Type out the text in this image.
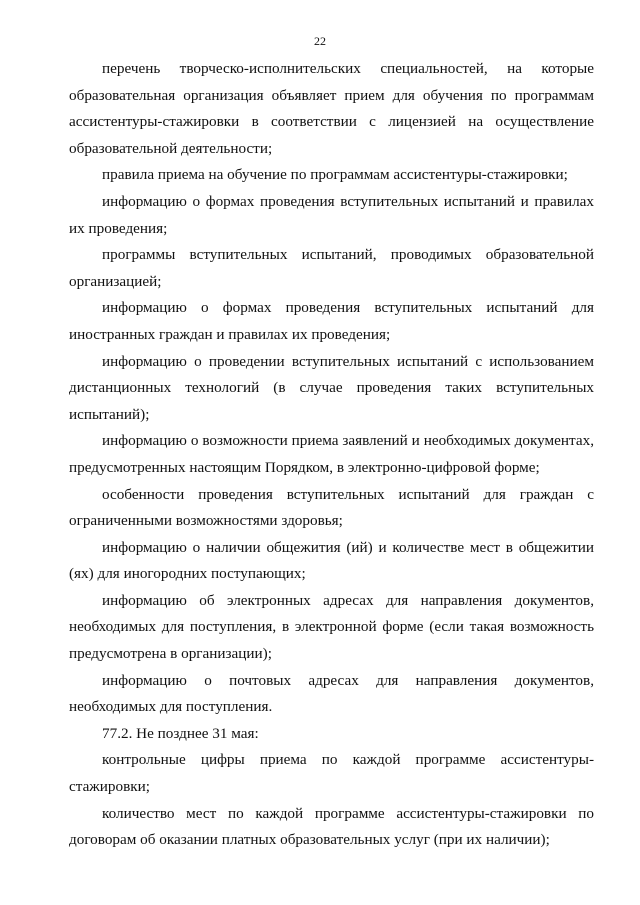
22

перечень творческо-исполнительских специальностей, на которые образовательная организация объявляет прием для обучения по программам ассистентуры-стажировки в соответствии с лицензией на осуществление образовательной деятельности;

правила приема на обучение по программам ассистентуры-стажировки;

информацию о формах проведения вступительных испытаний и правилах их проведения;

программы вступительных испытаний, проводимых образовательной организацией;

информацию о формах проведения вступительных испытаний для иностранных граждан и правилах их проведения;

информацию о проведении вступительных испытаний с использованием дистанционных технологий (в случае проведения таких вступительных испытаний);

информацию о возможности приема заявлений и необходимых документах, предусмотренных настоящим Порядком, в электронно-цифровой форме;

особенности проведения вступительных испытаний для граждан с ограниченными возможностями здоровья;

информацию о наличии общежития (ий) и количестве мест в общежитии (ях) для иногородних поступающих;

информацию об электронных адресах для направления документов, необходимых для поступления, в электронной форме (если такая возможность предусмотрена в организации);

информацию о почтовых адресах для направления документов, необходимых для поступления.

77.2. Не позднее 31 мая:

контрольные цифры приема по каждой программе ассистентуры-стажировки;

количество мест по каждой программе ассистентуры-стажировки по договорам об оказании платных образовательных услуг (при их наличии);
